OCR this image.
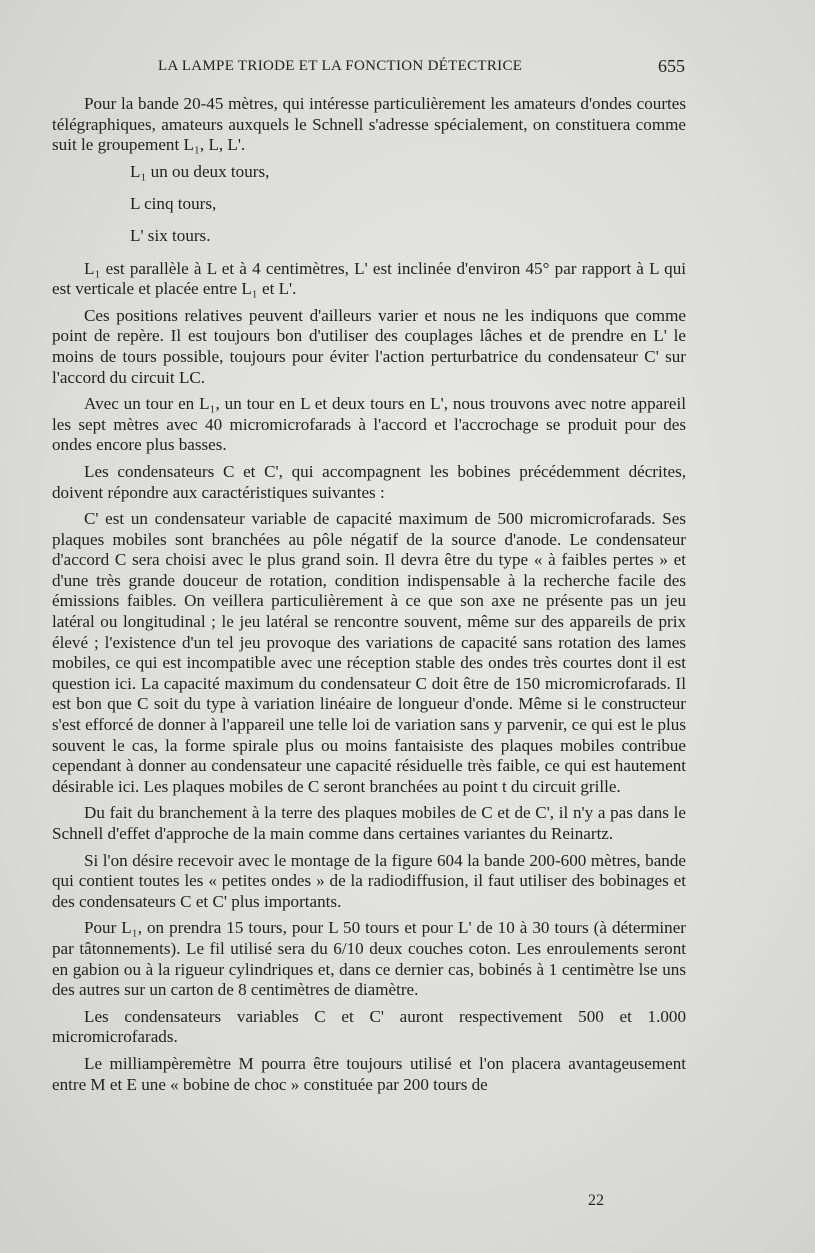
LA LAMPE TRIODE ET LA FONCTION DÉTECTRICE	655

Pour la bande 20-45 mètres, qui intéresse particulièrement les amateurs d'ondes courtes télégraphiques, amateurs auxquels le Schnell s'adresse spécialement, on constituera comme suit le groupement L₁, L, L'.

L₁ un ou deux tours,
L cinq tours,
L' six tours.

L₁ est parallèle à L et à 4 centimètres, L' est inclinée d'environ 45° par rapport à L qui est verticale et placée entre L₁ et L'.

Ces positions relatives peuvent d'ailleurs varier et nous ne les indiquons que comme point de repère. Il est toujours bon d'utiliser des couplages lâches et de prendre en L' le moins de tours possible, toujours pour éviter l'action perturbatrice du condensateur C' sur l'accord du circuit LC.

Avec un tour en L₁, un tour en L et deux tours en L', nous trouvons avec notre appareil les sept mètres avec 40 micromicrofarads à l'accord et l'accrochage se produit pour des ondes encore plus basses.

Les condensateurs C et C', qui accompagnent les bobines précédemment décrites, doivent répondre aux caractéristiques suivantes :

C' est un condensateur variable de capacité maximum de 500 micromicrofarads. Ses plaques mobiles sont branchées au pôle négatif de la source d'anode. Le condensateur d'accord C sera choisi avec le plus grand soin. Il devra être du type « à faibles pertes » et d'une très grande douceur de rotation, condition indispensable à la recherche facile des émissions faibles. On veillera particulièrement à ce que son axe ne présente pas un jeu latéral ou longitudinal ; le jeu latéral se rencontre souvent, même sur des appareils de prix élevé ; l'existence d'un tel jeu provoque des variations de capacité sans rotation des lames mobiles, ce qui est incompatible avec une réception stable des ondes très courtes dont il est question ici. La capacité maximum du condensateur C doit être de 150 micromicrofarads. Il est bon que C soit du type à variation linéaire de longueur d'onde. Même si le constructeur s'est efforcé de donner à l'appareil une telle loi de variation sans y parvenir, ce qui est le plus souvent le cas, la forme spirale plus ou moins fantaisiste des plaques mobiles contribue cependant à donner au condensateur une capacité résiduelle très faible, ce qui est hautement désirable ici. Les plaques mobiles de C seront branchées au point t du circuit grille.

Du fait du branchement à la terre des plaques mobiles de C et de C', il n'y a pas dans le Schnell d'effet d'approche de la main comme dans certaines variantes du Reinartz.

Si l'on désire recevoir avec le montage de la figure 604 la bande 200-600 mètres, bande qui contient toutes les « petites ondes » de la radiodiffusion, il faut utiliser des bobinages et des condensateurs C et C' plus importants.

Pour L₁, on prendra 15 tours, pour L 50 tours et pour L' de 10 à 30 tours (à déterminer par tâtonnements). Le fil utilisé sera du 6/10 deux couches coton. Les enroulements seront en gabion ou à la rigueur cylindriques et, dans ce dernier cas, bobinés à 1 centimètre lse uns des autres sur un carton de 8 centimètres de diamètre.

Les condensateurs variables C et C' auront respectivement 500 et 1.000 micromicrofarads.

Le milliampèremètre M pourra être toujours utilisé et l'on placera avantageusement entre M et E une « bobine de choc » constituée par 200 tours de

22
